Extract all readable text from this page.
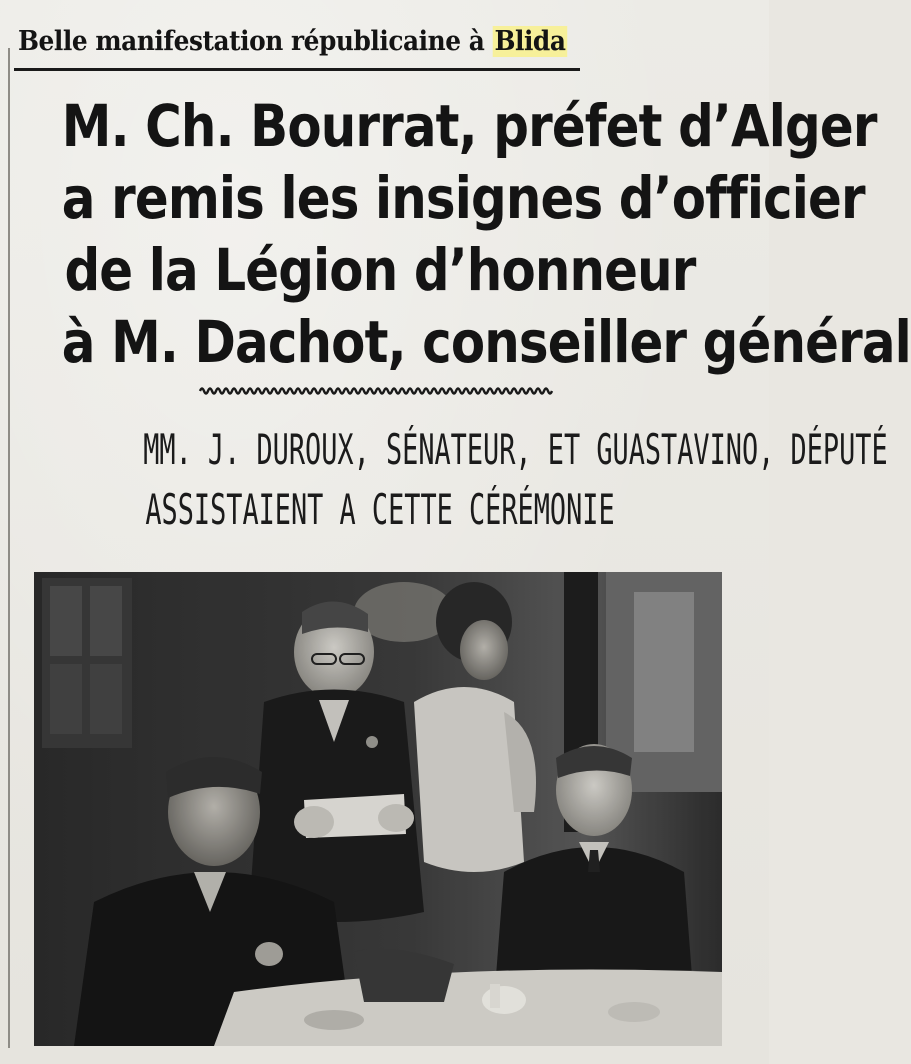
Belle manifestation républicaine à Blida
M. Ch. Bourrat, préfet d’Alger
a remis les insignes d’officier
de la Légion d’honneur
à M. Dachot, conseiller général
MM. J. DUROUX, SÉNATEUR, ET GUASTAVINO, DÉPUTÉ
ASSISTAIENT A CETTE CÉRÉMONIE
